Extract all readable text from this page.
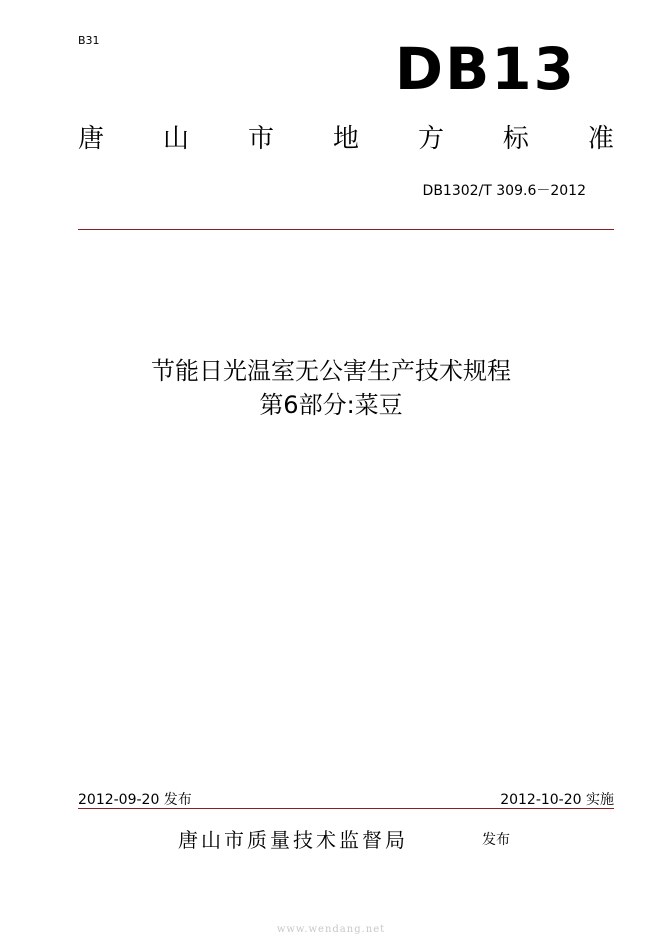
B31	DB13
唐 山 市 地 方 标 准
DB1302/T 309.6－2012
节能日光温室无公害生产技术规程
第6部分:菜豆
2012-09-20 发布	2012-10-20 实施
唐山市质量技术监督局	发布
www.wendang.net
